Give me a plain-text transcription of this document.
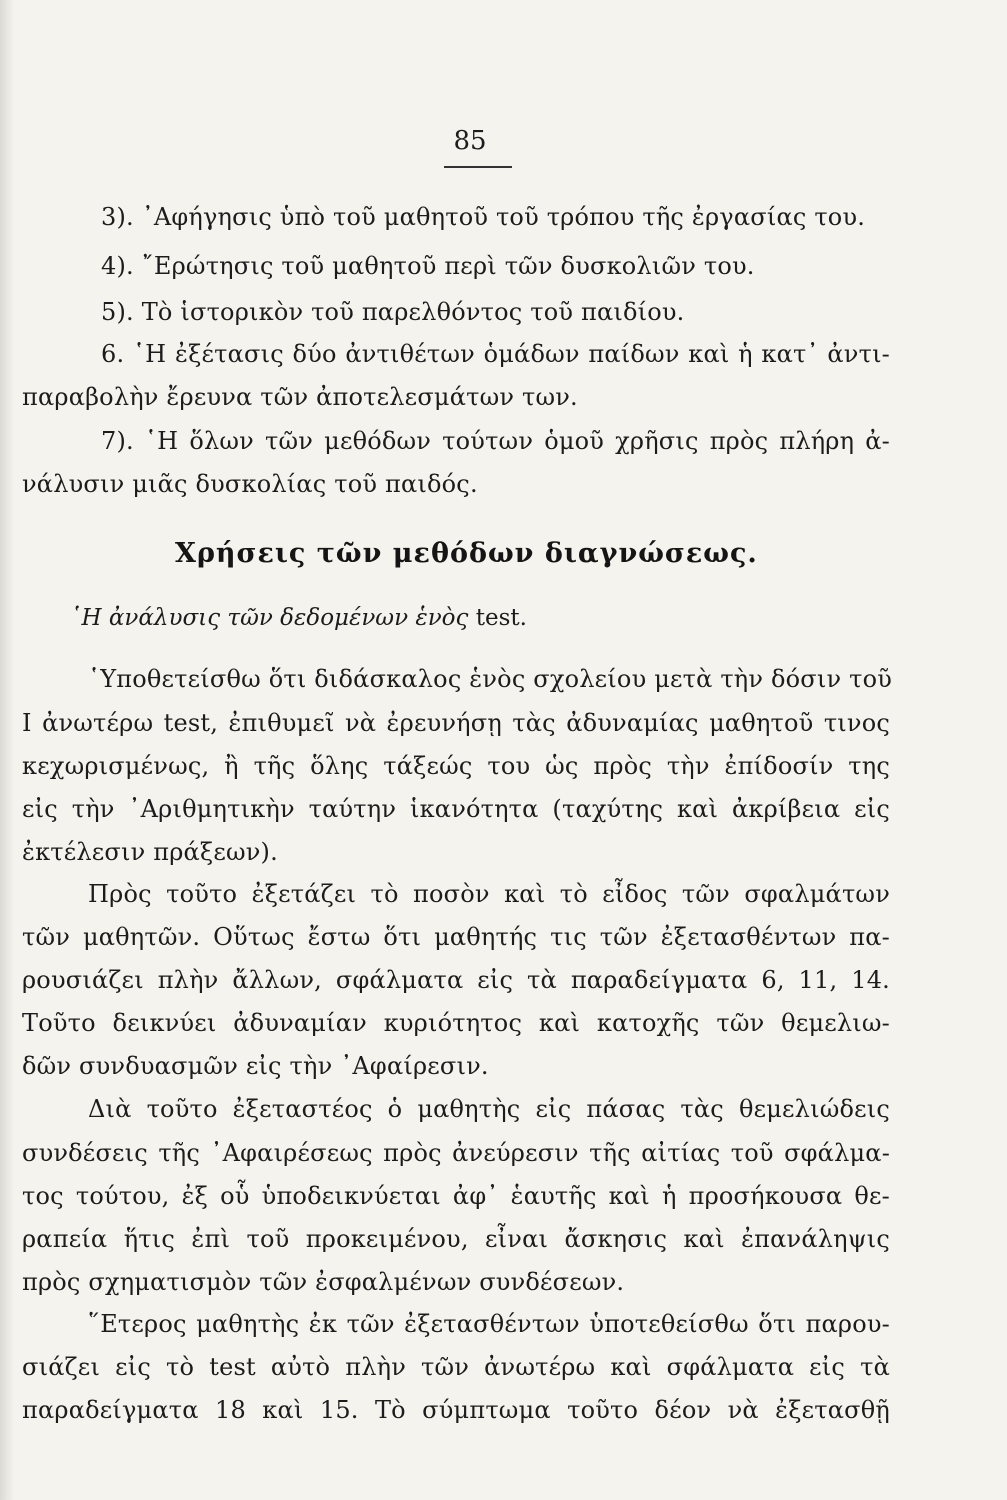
85
3). ᾿Αφήγησις ὑπὸ τοῦ μαθητοῦ τοῦ τρόπου τῆς ἐργασίας του.
4). ῎Ερώτησις τοῦ μαθητοῦ περὶ τῶν δυσκολιῶν του.
5). Τὸ ἱστορικὸν τοῦ παρελθόντος τοῦ παιδίου.
6. ῾Η ἐξέτασις δύο ἀντιθέτων ὁμάδων παίδων καὶ ἡ κατ᾿ ἀντι-
παραβολὴν ἔρευνα τῶν ἀποτελεσμάτων των.
7). ῾Η ὅλων τῶν μεθόδων τούτων ὁμοῦ χρῆσις πρὸς πλήρη ἀ-
νάλυσιν μιᾶς δυσκολίας τοῦ παιδός.
Χρήσεις τῶν μεθόδων διαγνώσεως.
῾Η ἀνάλυσις τῶν δεδομένων ἑνὸς test.
῾Υποθετείσθω ὅτι διδάσκαλος ἑνὸς σχολείου μετὰ τὴν δόσιν τοῦ
Ι ἀνωτέρω test, ἐπιθυμεῖ νὰ ἐρευνήσῃ τὰς ἀδυναμίας μαθητοῦ τινος
κεχωρισμένως, ἢ τῆς ὅλης τάξεώς του ὡς πρὸς τὴν ἐπίδοσίν της
εἰς τὴν ᾿Αριθμητικὴν ταύτην ἱκανότητα (ταχύτης καὶ ἀκρίβεια εἰς
ἐκτέλεσιν πράξεων).
Πρὸς τοῦτο ἐξετάζει τὸ ποσὸν καὶ τὸ εἶδος τῶν σφαλμάτων
τῶν μαθητῶν. Οὕτως ἔστω ὅτι μαθητής τις τῶν ἐξετασθέντων πα-
ρουσιάζει πλὴν ἄλλων, σφάλματα εἰς τὰ παραδείγματα 6, 11, 14.
Τοῦτο δεικνύει ἀδυναμίαν κυριότητος καὶ κατοχῆς τῶν θεμελιω-
δῶν συνδυασμῶν εἰς τὴν ᾿Αφαίρεσιν.
Διὰ τοῦτο ἐξεταστέος ὁ μαθητὴς εἰς πάσας τὰς θεμελιώδεις
συνδέσεις τῆς ᾿Αφαιρέσεως πρὸς ἀνεύρεσιν τῆς αἰτίας τοῦ σφάλμα-
τος τούτου, ἐξ οὗ ὑποδεικνύεται ἀφ᾿ ἑαυτῆς καὶ ἡ προσήκουσα θε-
ραπεία ἥτις ἐπὶ τοῦ προκειμένου, εἶναι ἄσκησις καὶ ἐπανάληψις
πρὸς σχηματισμὸν τῶν ἐσφαλμένων συνδέσεων.
῞Ετερος μαθητὴς ἐκ τῶν ἐξετασθέντων ὑποτεθείσθω ὅτι παρου-
σιάζει εἰς τὸ test αὐτὸ πλὴν τῶν ἀνωτέρω καὶ σφάλματα εἰς τὰ
παραδείγματα 18 καὶ 15. Τὸ σύμπτωμα τοῦτο δέον νὰ ἐξετασθῇ
